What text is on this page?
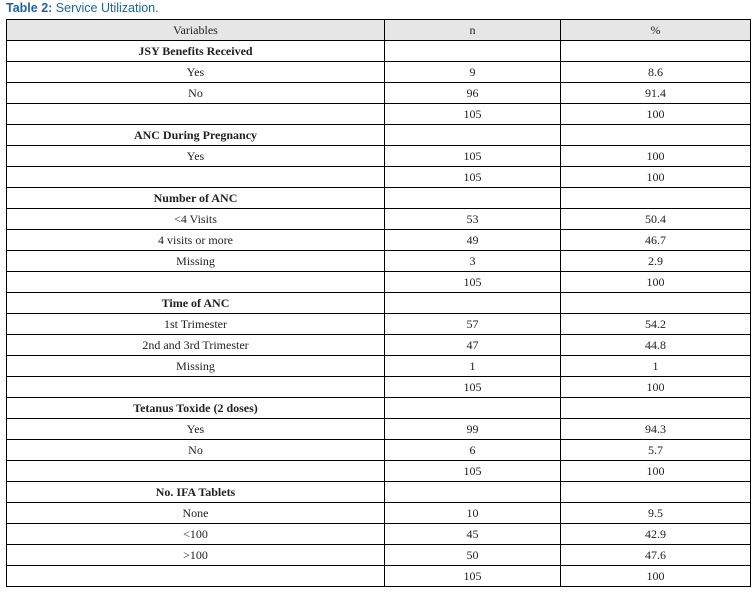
Table 2: Service Utilization.
Variables	n	%
JSY Benefits Received		
Yes	9	8.6
No	96	91.4
	105	100
ANC During Pregnancy		
Yes	105	100
	105	100
Number of ANC		
<4 Visits	53	50.4
4 visits or more	49	46.7
Missing	3	2.9
	105	100
Time of ANC		
1st Trimester	57	54.2
2nd and 3rd Trimester	47	44.8
Missing	1	1
	105	100
Tetanus Toxide (2 doses)		
Yes	99	94.3
No	6	5.7
	105	100
No. IFA Tablets		
None	10	9.5
<100	45	42.9
>100	50	47.6
	105	100
